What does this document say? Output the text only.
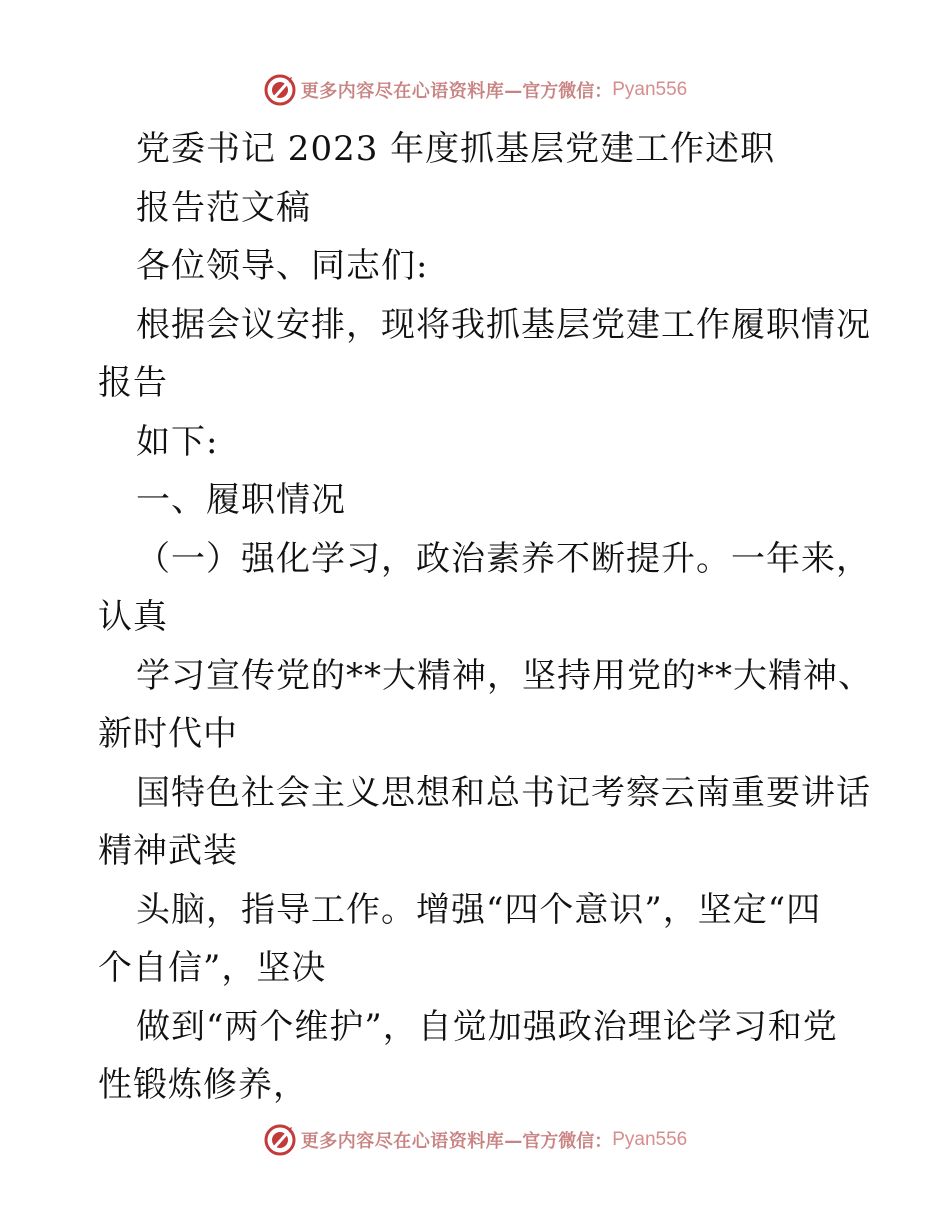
更多内容尽在心语资料库 —官方微信： Pyan556
党委书记 2023 年度抓基层党建工作述职
报告范文稿
各位领导、同志们:
根据会议安排，现将我抓基层党建工作履职情况
报告
如下:
一、履职情况
（一）强化学习，政治素养不断提升。一年来，
认真
学习宣传党的**大精神，坚持用党的**大精神、
新时代中
国特色社会主义思想和总书记考察云南重要讲话
精神武装
头脑，指导工作。增强“四个意识”，坚定“四
个自信”，坚决
做到“两个维护”，自觉加强政治理论学习和党
性锻炼修养，
更多内容尽在心语资料库 —官方微信： Pyan556
